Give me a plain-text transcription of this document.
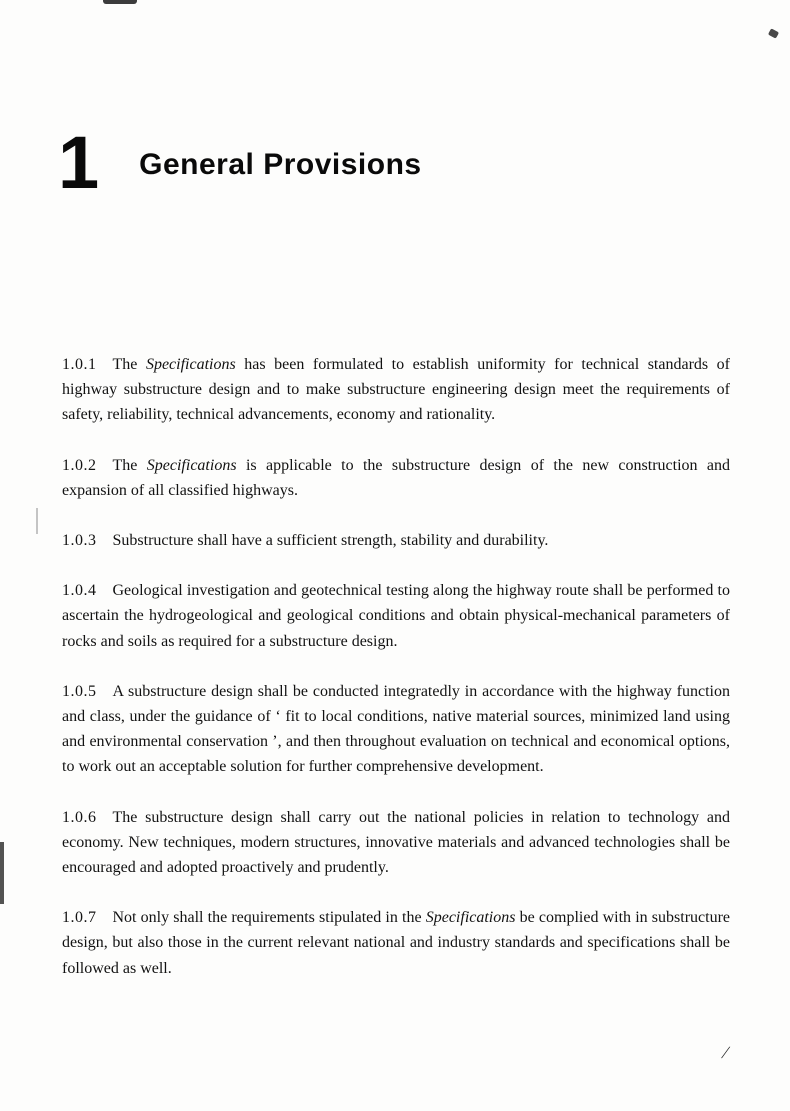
1 General Provisions

1.0.1 The Specifications has been formulated to establish uniformity for technical standards of highway substructure design and to make substructure engineering design meet the requirements of safety, reliability, technical advancements, economy and rationality.

1.0.2 The Specifications is applicable to the substructure design of the new construction and expansion of all classified highways.

1.0.3 Substructure shall have a sufficient strength, stability and durability.

1.0.4 Geological investigation and geotechnical testing along the highway route shall be performed to ascertain the hydrogeological and geological conditions and obtain physical-mechanical parameters of rocks and soils as required for a substructure design.

1.0.5 A substructure design shall be conducted integratedly in accordance with the highway function and class, under the guidance of ‘ fit to local conditions, native material sources, minimized land using and environmental conservation ’, and then throughout evaluation on technical and economical options, to work out an acceptable solution for further comprehensive development.

1.0.6 The substructure design shall carry out the national policies in relation to technology and economy. New techniques, modern structures, innovative materials and advanced technologies shall be encouraged and adopted proactively and prudently.

1.0.7 Not only shall the requirements stipulated in the Specifications be complied with in substructure design, but also those in the current relevant national and industry standards and specifications shall be followed as well.

/
